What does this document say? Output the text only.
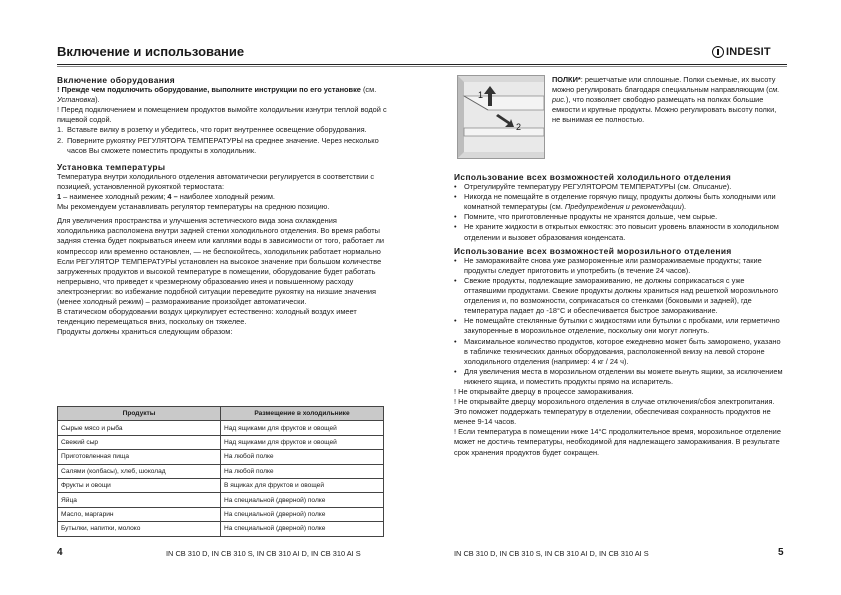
Включение и использование	INDESIT

Включение оборудования

! Прежде чем подключить оборудование, выполните инструкции по его установке (см. Установка).

! Перед подключением и помещением продуктов вымойте холодильник изнутри теплой водой с пищевой содой.

1. Вставьте вилку в розетку и убедитесь, что горит внутреннее освещение оборудования.

2. Поверните рукоятку РЕГУЛЯТОРА ТЕМПЕРАТУРЫ на среднее значение. Через несколько часов Вы сможете поместить продукты в холодильник.

Установка температуры

Температура внутри холодильного отделения автоматически регулируется в соответствии с позицией, установленной рукояткой термостата:

1 – наименее холодный режим; 4 – наиболее холодный режим.

Мы рекомендуем устанавливать регулятор температуры на среднюю позицию.

Для увеличения пространства и улучшения эстетического вида зона охлаждения холодильника расположена внутри задней стенки холодильного отделения. Во время работы задняя стенка будет покрываться инеем или каплями воды в зависимости от того, работает ли компрессор или временно остановлен, — не беспокойтесь, холодильник работает нормально

Если РЕГУЛЯТОР ТЕМПЕРАТУРЫ установлен на высокое значение при большом количестве загруженных продуктов и высокой температуре в помещении, оборудование будет работать непрерывно, что приведет к чрезмерному образованию инея и повышенному расходу электроэнергии: во избежание подобной ситуации переведите рукоятку на низшие значения (менее холодный режим) – размораживание произойдет автоматически.

В статическом оборудовании воздух циркулирует естественно: холодный воздух имеет тенденцию перемещаться вниз, поскольку он тяжелее.

Продукты должны храниться следующим образом:

Продукты	Размещение в холодильнике
Сырые мясо и рыба	Над ящиками для фруктов и овощей
Свежий сыр	Над ящиками для фруктов и овощей
Приготовленная пища	На любой полке
Салями (колбасы), хлеб, шоколад	На любой полке
Фрукты и овощи	В ящиках для фруктов и овощей
Яйца	На специальной (дверной) полке
Масло, маргарин	На специальной (дверной) полке
Бутылки, напитки, молоко	На специальной (дверной) полке
4	IN CB 310 D, IN CB 310 S, IN CB 310 AI D, IN CB 310 AI S
1
2

ПОЛКИ*: решетчатые или сплошные. Полки съемные, их высоту можно регулировать благодаря специальным направляющим (см. рис.), что позволяет свободно размещать на полках большие емкости и крупные продукты. Можно регулировать высоту полки, не вынимая ее полностью.

Использование всех возможностей холодильного отделения

• Отрегулируйте температуру РЕГУЛЯТОРОМ ТЕМПЕРАТУРЫ (см. Описание).

• Никогда не помещайте в отделение горячую пищу, продукты должны быть холодными или комнатной температуры (см. Предупреждения и рекомендации).

• Помните, что приготовленные продукты не хранятся дольше, чем сырые.

• Не храните жидкости в открытых емкостях: это повысит уровень влажности в холодильном отделении и вызовет образования конденсата.

Использование всех возможностей морозильного отделения

• Не замораживайте снова уже размороженные или размораживаемые продукты; такие продукты следует приготовить и употребить (в течение 24 часов).

• Свежие продукты, подлежащие замораживанию, не должны соприкасаться с уже оттаявшими продуктами. Свежие продукты должны храниться над решеткой морозильного отделения и, по возможности, соприкасаться со стенками (боковыми и задней), где температура падает до -18°С и обеспечивается быстрое замораживание.

• Не помещайте стеклянные бутылки с жидкостями или бутылки с пробками, или герметично закупоренные в морозильное отделение, поскольку они могут лопнуть.

• Максимальное количество продуктов, которое ежедневно может быть заморожено, указано в табличке технических данных оборудования, расположенной внизу на левой стороне холодильного отделения (например: 4 кг / 24 ч).

• Для увеличения места в морозильном отделении вы можете вынуть ящики, за исключением нижнего ящика, и поместить продукты прямо на испаритель.

! Не открывайте дверцу в процессе замораживания.

! Не открывайте дверцу морозильного отделения в случае отключения/сбоя электропитания. Это поможет поддержать температуру в отделении, обеспечивая сохранность продуктов не менее 9-14 часов.

! Если температура в помещении ниже 14°С продолжительное время, морозильное отделение может не достичь температуры, необходимой для надлежащего замораживания. В результате срок хранения продуктов будет сокращен.

IN CB 310 D, IN CB 310 S, IN CB 310 AI D, IN CB 310 AI S	5
